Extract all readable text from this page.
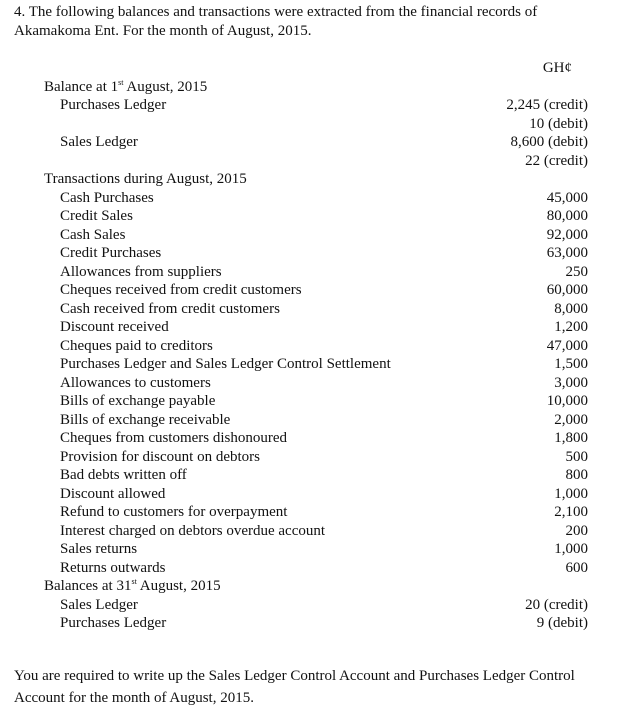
4. The following balances and transactions were extracted from the financial records of Akamakoma Ent. For the month of August, 2015.
GH¢
Balance at 1st August, 2015
Purchases Ledger	2,245 (credit)
10 (debit)
Sales Ledger	8,600 (debit)
22 (credit)
Transactions during August, 2015
Cash Purchases	45,000
Credit Sales	80,000
Cash Sales	92,000
Credit Purchases	63,000
Allowances from suppliers	250
Cheques received from credit customers	60,000
Cash received from credit customers	8,000
Discount received	1,200
Cheques paid to creditors	47,000
Purchases Ledger and Sales Ledger Control Settlement	1,500
Allowances to customers	3,000
Bills of exchange payable	10,000
Bills of exchange receivable	2,000
Cheques from customers dishonoured	1,800
Provision for discount on debtors	500
Bad debts written off	800
Discount allowed	1,000
Refund to customers for overpayment	2,100
Interest charged on debtors overdue account	200
Sales returns	1,000
Returns outwards	600
Balances at 31st August, 2015
Sales Ledger	20 (credit)
Purchases Ledger	9 (debit)
You are required to write up the Sales Ledger Control Account and Purchases Ledger Control Account for the month of August, 2015.
